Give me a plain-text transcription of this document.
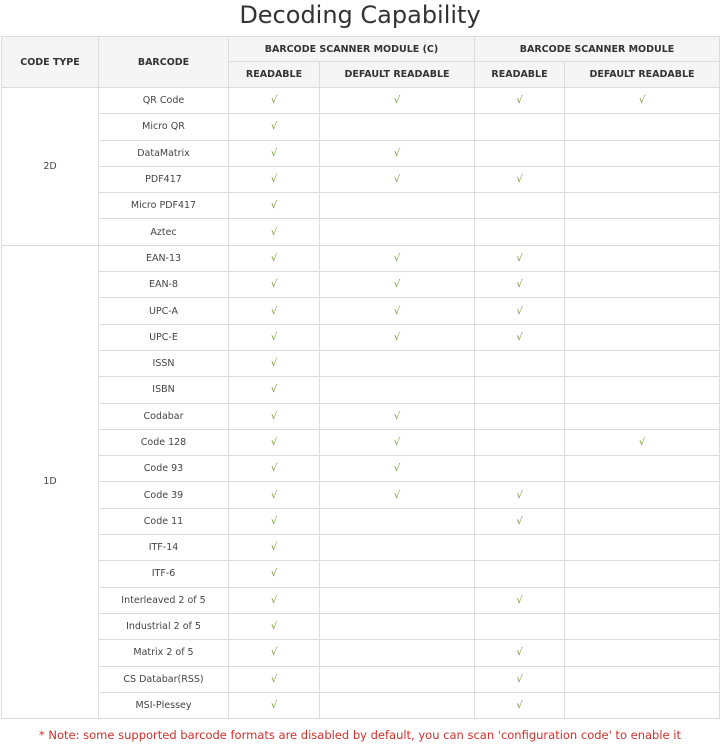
Decoding Capability
CODE TYPE	BARCODE	BARCODE SCANNER MODULE (C)		BARCODE SCANNER MODULE	
		READABLE	DEFAULT READABLE	READABLE	DEFAULT READABLE
2D	QR Code	√	√	√	√
	Micro QR	√			
	DataMatrix	√	√		
	PDF417	√	√	√	
	Micro PDF417	√			
	Aztec	√			
1D	EAN-13	√	√	√	
	EAN-8	√	√	√	
	UPC-A	√	√	√	
	UPC-E	√	√	√	
	ISSN	√			
	ISBN	√			
	Codabar	√	√		
	Code 128	√	√		√
	Code 93	√	√		
	Code 39	√	√	√	
	Code 11	√		√	
	ITF-14	√			
	ITF-6	√			
	Interleaved 2 of 5	√		√	
	Industrial 2 of 5	√			
	Matrix 2 of 5	√		√	
	CS Databar(RSS)	√		√	
	MSI-Plessey	√		√	
* Note: some supported barcode formats are disabled by default, you can scan 'configuration code' to enable it
